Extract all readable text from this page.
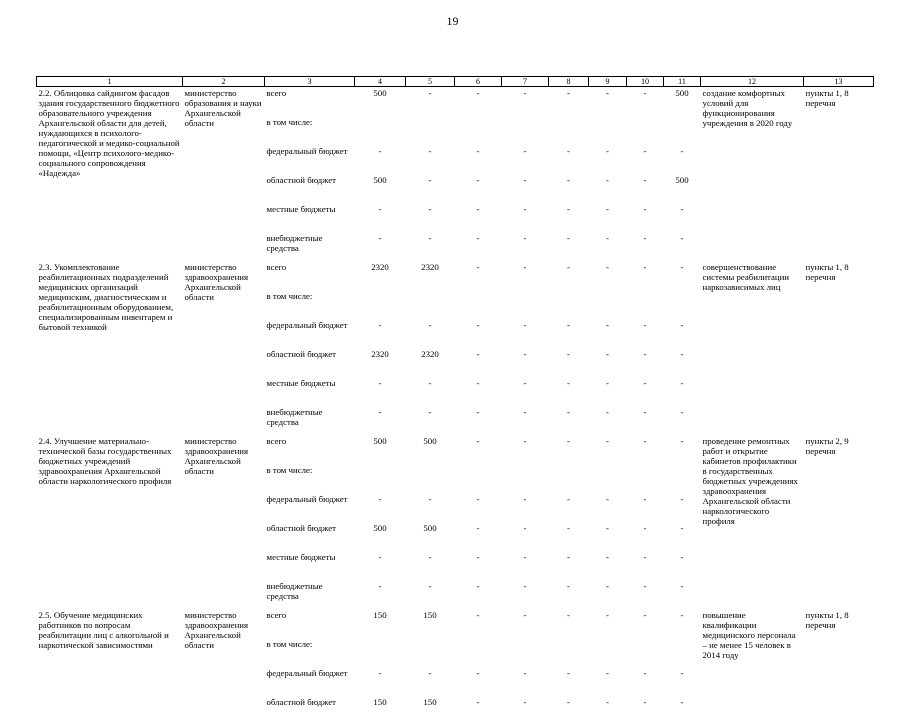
19
1	2	3	4	5	6	7	8	9	10	11	12	13
2.2. Облицовка сайдингом фасадов здания государственного бюджетного образовательного учреждения Архангельской области для детей, нуждающихся в психолого-педагогической и медико-социальной помощи, «Центр психолого-медико-социального сопровождения «Надежда»	министерство образования и науки Архангельской области	всего	500	-	-	-	-	-	-	500	создание комфортных условий для функционирования учреждения в 2020 году	пункты 1, 8 перечня
		в том числе:										
		федеральный бюджет	-	-	-	-	-	-	-	-		
		областной бюджет	500	-	-	-	-	-	-	500		
		местные бюджеты	-	-	-	-	-	-	-	-		
		внебюджетные средства	-	-	-	-	-	-	-	-		
2.3. Укомплектование реабилитационных подразделений медицинских организаций медицинским, диагностическим и реабилитационным оборудованием, специализированным инвентарем и бытовой техникой	министерство здравоохранения Архангельской области	всего	2320	2320	-	-	-	-	-	-	совершенствование системы реабилитации наркозависимых лиц	пункты 1, 8 перечня
		в том числе:										
		федеральный бюджет	-	-	-	-	-	-	-	-		
		областной бюджет	2320	2320	-	-	-	-	-	-		
		местные бюджеты	-	-	-	-	-	-	-	-		
		внебюджетные средства	-	-	-	-	-	-	-	-		
2.4. Улучшение материально-технической базы государственных бюджетных учреждений здравоохранения Архангельской области наркологического профиля	министерство здравоохранения Архангельской области	всего	500	500	-	-	-	-	-	-	проведение ремонтных работ и открытие кабинетов профилактики в государственных бюджетных учреждениях здравоохранения Архангельской области наркологического профиля	пункты 2, 9 перечня
		в том числе:										
		федеральный бюджет	-	-	-	-	-	-	-	-		
		областной бюджет	500	500	-	-	-	-	-	-		
		местные бюджеты	-	-	-	-	-	-	-	-		
		внебюджетные средства	-	-	-	-	-	-	-	-		
2.5. Обучение медицинских работников по вопросам реабилитации лиц с алкогольной и наркотической зависимостями	министерство здравоохранения Архангельской области	всего	150	150	-	-	-	-	-	-	повышение квалификации медицинского персонала – не менее 15 человек в 2014 году	пункты 1, 8 перечня
		в том числе:										
		федеральный бюджет	-	-	-	-	-	-	-	-		
		областной бюджет	150	150	-	-	-	-	-	-		
